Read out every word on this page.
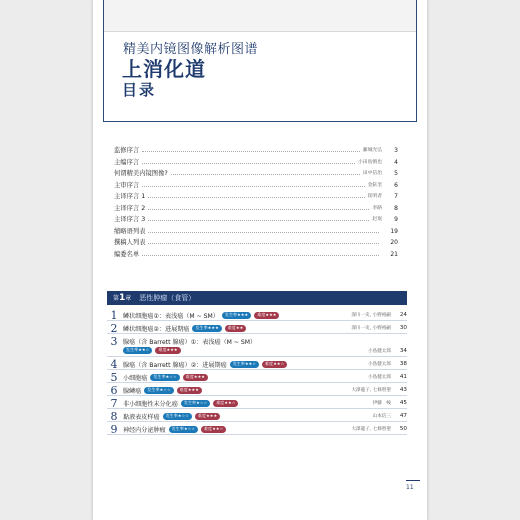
精美内镜图像解析图谱
上消化道
目录
监修序言	藤城光弘	3
主编序言	小田島慎也	4
何谓精美内镜图像?	田中信治	5
主审序言	金鉉奎	6
主译序言 1	崔明者	7
主译序言 2	李路	8
主译序言 3	赵珉	9
缩略语列表	19
撰稿人列表	20
编委名单	21
第1章 恶性肿瘤（食管）
1 鳞状细胞癌①：表浅癌（M ~ SM）	发生率★★★	难度★★★	深川一史, 小野裕嗣	24
2 鳞状细胞癌②：进展期癌	发生率★★★	难度★★	深川一史, 小野裕嗣	30
3 腺癌（含 Barrett 腺癌）①：表浅癌（M ~ SM）
发生率★★☆	难度★★★	小島健太郎	34
4 腺癌（含 Barrett 腺癌）②：进展期癌	发生率★★☆	难度★★☆	小島健太郎	38
5 小细胞癌	发生率★☆☆	难度★★★	小島健太郎	41
6 腺鳞癌	发生率★☆☆	难度★★★	大澤龍子, 七條智聖	43
7 非小细胞性未分化癌	发生率★☆☆	难度★★☆	伊藤　峻	45
8 黏液表皮样癌	发生率★☆☆	难度★★★	山本信三	47
9 神经内分泌肿瘤	发生率★☆☆	难度★★☆	大澤龍子, 七條智聖	50
11
